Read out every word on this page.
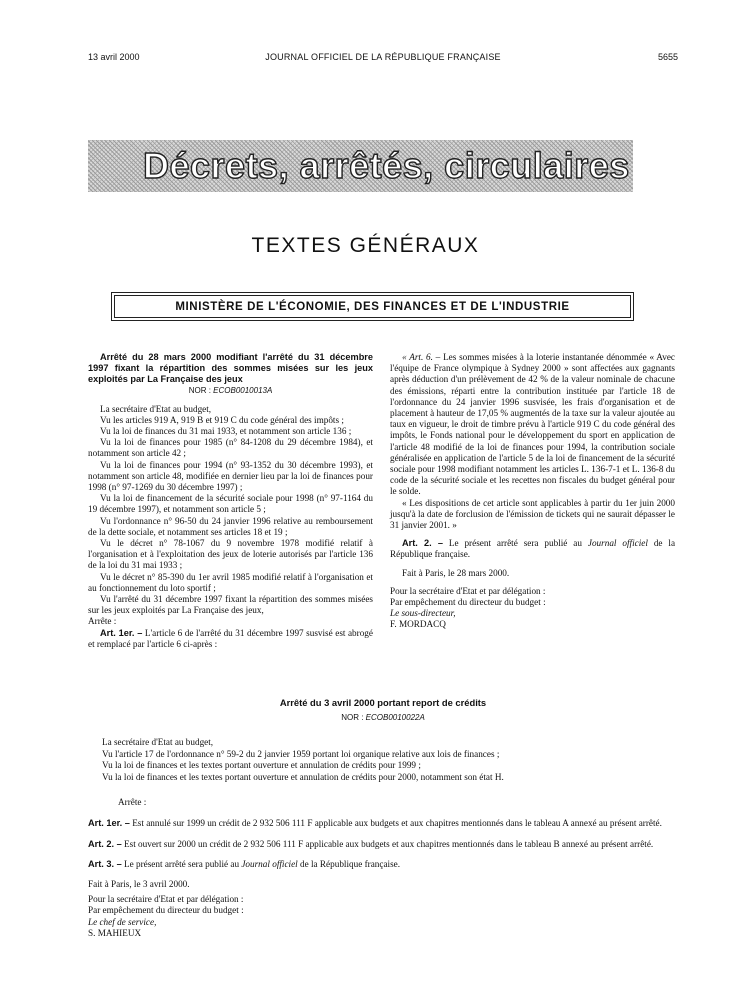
13 avril 2000	JOURNAL OFFICIEL DE LA RÉPUBLIQUE FRANÇAISE	5655
Décrets, arrêtés, circulaires
TEXTES GÉNÉRAUX
MINISTÈRE DE L'ÉCONOMIE, DES FINANCES ET DE L'INDUSTRIE

Arrêté du 28 mars 2000 modifiant l'arrêté du 31 décembre 1997 fixant la répartition des sommes misées sur les jeux exploités par La Française des jeux

NOR : ECOB0010013A

La secrétaire d'Etat au budget,

Vu les articles 919 A, 919 B et 919 C du code général des impôts ;

Vu la loi de finances du 31 mai 1933, et notamment son article 136 ;

Vu la loi de finances pour 1985 (n° 84-1208 du 29 décembre 1984), et notamment son article 42 ;

Vu la loi de finances pour 1994 (n° 93-1352 du 30 décembre 1993), et notamment son article 48, modifiée en dernier lieu par la loi de finances pour 1998 (n° 97-1269 du 30 décembre 1997) ;

Vu la loi de financement de la sécurité sociale pour 1998 (n° 97-1164 du 19 décembre 1997), et notamment son article 5 ;

Vu l'ordonnance n° 96-50 du 24 janvier 1996 relative au remboursement de la dette sociale, et notamment ses articles 18 et 19 ;

Vu le décret n° 78-1067 du 9 novembre 1978 modifié relatif à l'organisation et à l'exploitation des jeux de loterie autorisés par l'article 136 de la loi du 31 mai 1933 ;

Vu le décret n° 85-390 du 1er avril 1985 modifié relatif à l'organisation et au fonctionnement du loto sportif ;

Vu l'arrêté du 31 décembre 1997 fixant la répartition des sommes misées sur les jeux exploités par La Française des jeux,

Arrête :

Art. 1er. – L'article 6 de l'arrêté du 31 décembre 1997 susvisé est abrogé et remplacé par l'article 6 ci-après :

« Art. 6. – Les sommes misées à la loterie instantanée dénommée « Avec l'équipe de France olympique à Sydney 2000 » sont affectées aux gagnants après déduction d'un prélèvement de 42 % de la valeur nominale de chacune des émissions, réparti entre la contribution instituée par l'article 18 de l'ordonnance du 24 janvier 1996 susvisée, les frais d'organisation et de placement à hauteur de 17,05 % augmentés de la taxe sur la valeur ajoutée au taux en vigueur, le droit de timbre prévu à l'article 919 C du code général des impôts, le Fonds national pour le développement du sport en application de l'article 48 modifié de la loi de finances pour 1994, la contribution sociale généralisée en application de l'article 5 de la loi de financement de la sécurité sociale pour 1998 modifiant notamment les articles L. 136-7-1 et L. 136-8 du code de la sécurité sociale et les recettes non fiscales du budget général pour le solde.

« Les dispositions de cet article sont applicables à partir du 1er juin 2000 jusqu'à la date de forclusion de l'émission de tickets qui ne saurait dépasser le 31 janvier 2001. »

Art. 2. – Le présent arrêté sera publié au Journal officiel de la République française.

Fait à Paris, le 28 mars 2000.

Pour la secrétaire d'Etat et par délégation :

Par empêchement du directeur du budget :

Le sous-directeur,

F. MORDACQ

Arrêté du 3 avril 2000 portant report de crédits

NOR : ECOB0010022A

La secrétaire d'Etat au budget,

Vu l'article 17 de l'ordonnance n° 59-2 du 2 janvier 1959 portant loi organique relative aux lois de finances ;

Vu la loi de finances et les textes portant ouverture et annulation de crédits pour 1999 ;

Vu la loi de finances et les textes portant ouverture et annulation de crédits pour 2000, notamment son état H.

Arrête :

Art. 1er. – Est annulé sur 1999 un crédit de 2 932 506 111 F applicable aux budgets et aux chapitres mentionnés dans le tableau A annexé au présent arrêté.

Art. 2. – Est ouvert sur 2000 un crédit de 2 932 506 111 F applicable aux budgets et aux chapitres mentionnés dans le tableau B annexé au présent arrêté.

Art. 3. – Le présent arrêté sera publié au Journal officiel de la République française.

Fait à Paris, le 3 avril 2000.

Pour la secrétaire d'Etat et par délégation :

Par empêchement du directeur du budget :

Le chef de service,

S. MAHIEUX
